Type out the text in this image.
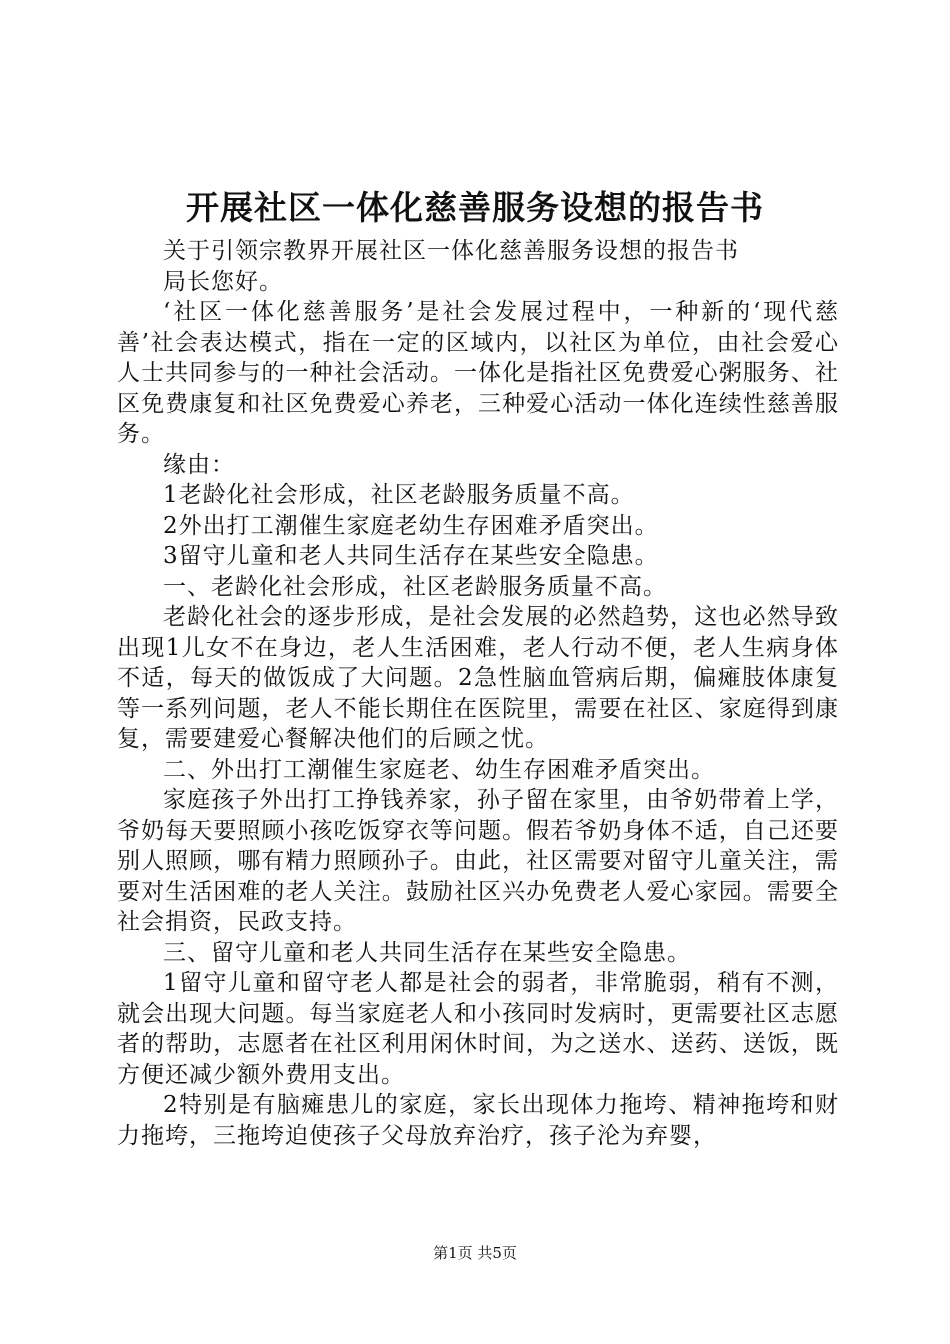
开展社区一体化慈善服务设想的报告书

关于引领宗教界开展社区一体化慈善服务设想的报告书

局长您好。

‘社区一体化慈善服务’是社会发展过程中，一种新的‘现代慈善’社会表达模式，指在一定的区域内，以社区为单位，由社会爱心人士共同参与的一种社会活动。一体化是指社区免费爱心粥服务、社区免费康复和社区免费爱心养老，三种爱心活动一体化连续性慈善服务。

缘由：

1老龄化社会形成，社区老龄服务质量不高。

2外出打工潮催生家庭老幼生存困难矛盾突出。

3留守儿童和老人共同生活存在某些安全隐患。

一、老龄化社会形成，社区老龄服务质量不高。

老龄化社会的逐步形成，是社会发展的必然趋势，这也必然导致出现1儿女不在身边，老人生活困难，老人行动不便，老人生病身体不适，每天的做饭成了大问题。2急性脑血管病后期，偏瘫肢体康复等一系列问题，老人不能长期住在医院里，需要在社区、家庭得到康复，需要建爱心餐解决他们的后顾之忧。

二、外出打工潮催生家庭老、幼生存困难矛盾突出。

家庭孩子外出打工挣钱养家，孙子留在家里，由爷奶带着上学，爷奶每天要照顾小孩吃饭穿衣等问题。假若爷奶身体不适，自己还要别人照顾，哪有精力照顾孙子。由此，社区需要对留守儿童关注，需要对生活困难的老人关注。鼓励社区兴办免费老人爱心家园。需要全社会捐资，民政支持。

三、留守儿童和老人共同生活存在某些安全隐患。

1留守儿童和留守老人都是社会的弱者，非常脆弱，稍有不测，就会出现大问题。每当家庭老人和小孩同时发病时，更需要社区志愿者的帮助，志愿者在社区利用闲休时间，为之送水、送药、送饭，既方便还减少额外费用支出。

2特别是有脑瘫患儿的家庭，家长出现体力拖垮、精神拖垮和财力拖垮，三拖垮迫使孩子父母放弃治疗，孩子沦为弃婴，

第1页 共5页
